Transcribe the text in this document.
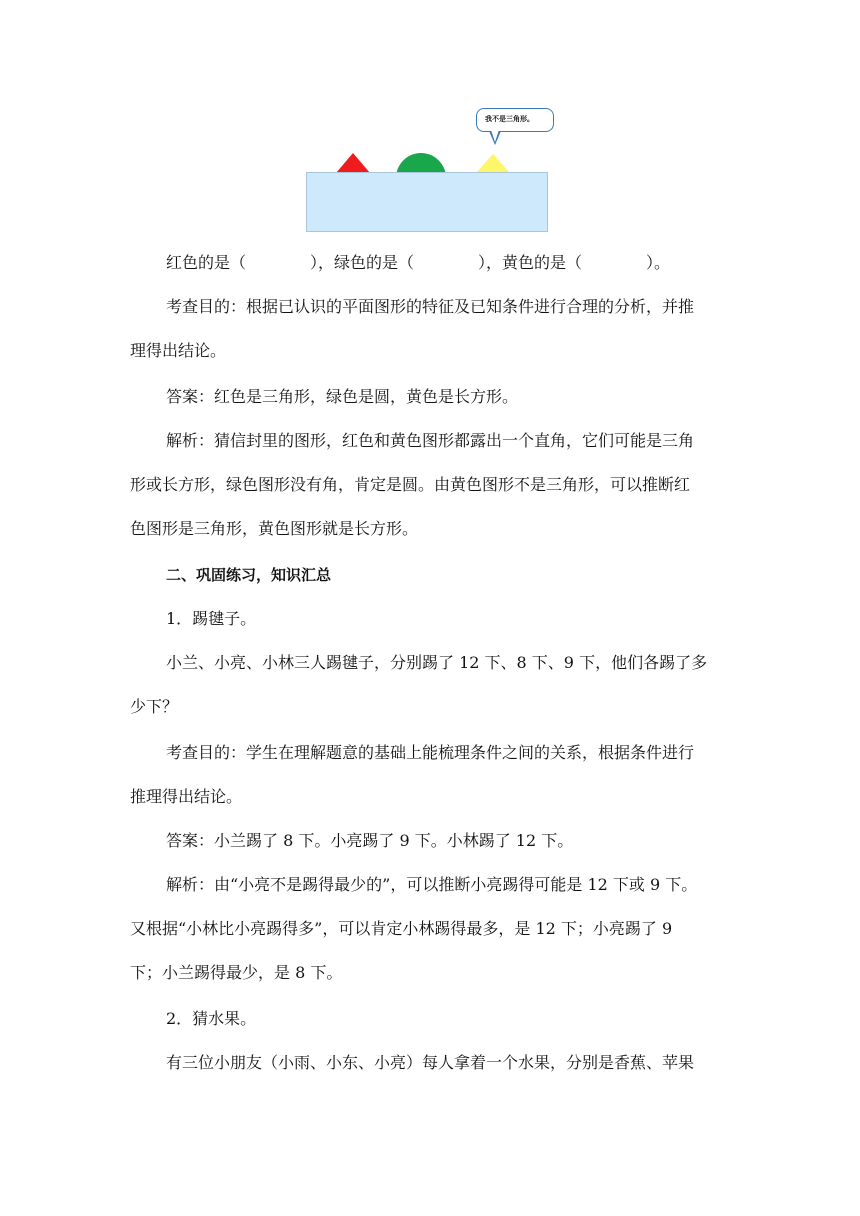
我不是三角形。
红色的是（　　　　），绿色的是（　　　　），黄色的是（　　　　）。
考查目的：根据已认识的平面图形的特征及已知条件进行合理的分析，并推
理得出结论。
答案：红色是三角形，绿色是圆，黄色是长方形。
解析：猜信封里的图形，红色和黄色图形都露出一个直角，它们可能是三角
形或长方形，绿色图形没有角，肯定是圆。由黄色图形不是三角形，可以推断红
色图形是三角形，黄色图形就是长方形。
二、巩固练习，知识汇总
1．踢毽子。
小兰、小亮、小林三人踢毽子，分别踢了 12 下、8 下、9 下，他们各踢了多
少下？
考查目的：学生在理解题意的基础上能梳理条件之间的关系，根据条件进行
推理得出结论。
答案：小兰踢了 8 下。小亮踢了 9 下。小林踢了 12 下。
解析：由“小亮不是踢得最少的”，可以推断小亮踢得可能是 12 下或 9 下。
又根据“小林比小亮踢得多”，可以肯定小林踢得最多，是 12 下；小亮踢了 9
下；小兰踢得最少，是 8 下。
2．猜水果。
有三位小朋友（小雨、小东、小亮）每人拿着一个水果，分别是香蕉、苹果
